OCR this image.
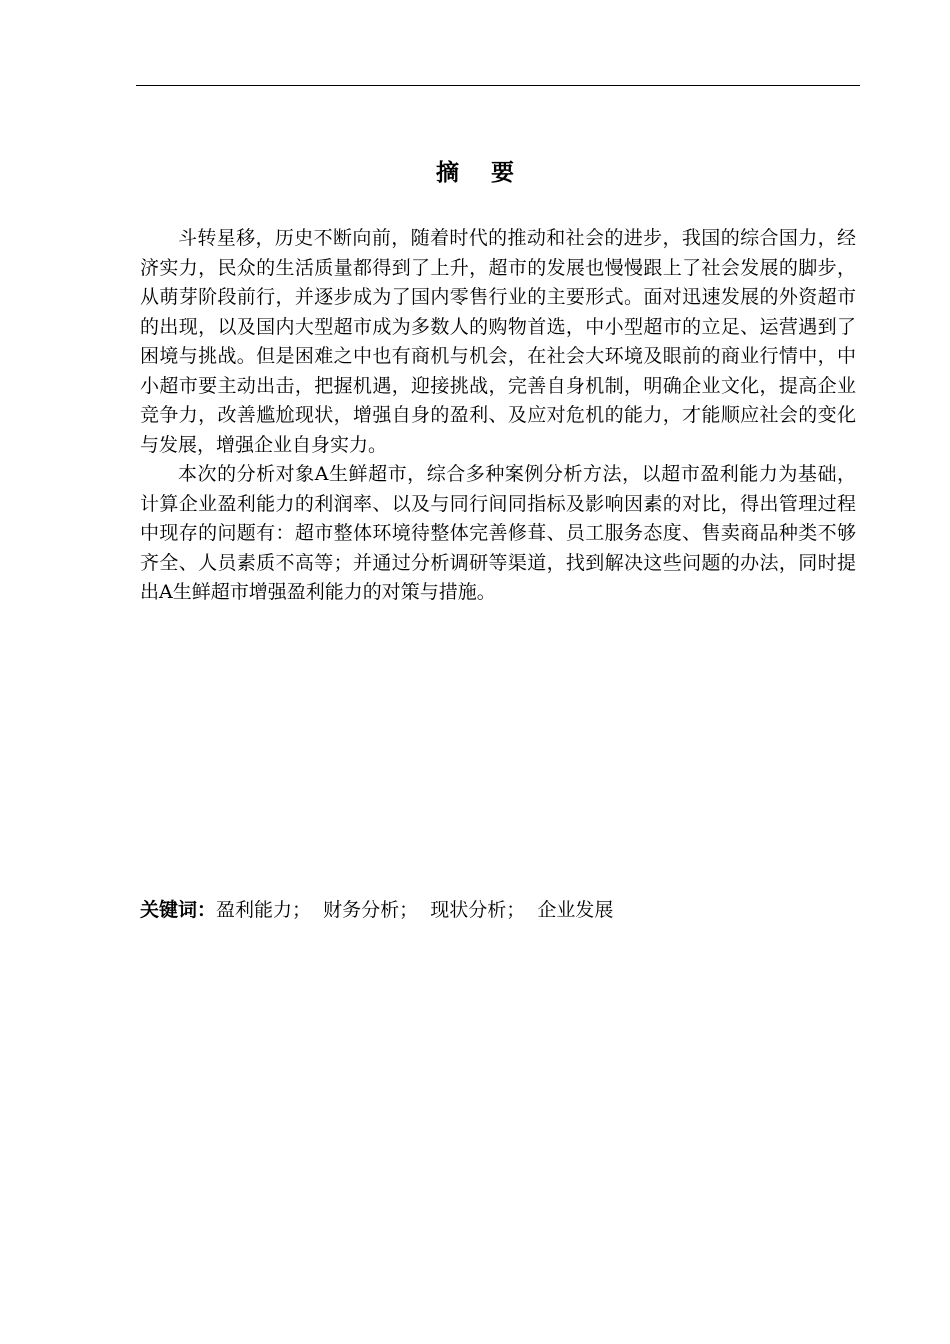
摘    要

斗转星移，历史不断向前，随着时代的推动和社会的进步，我国的综合国力，经济实力，民众的生活质量都得到了上升，超市的发展也慢慢跟上了社会发展的脚步，从萌芽阶段前行，并逐步成为了国内零售行业的主要形式。面对迅速发展的外资超市的出现，以及国内大型超市成为多数人的购物首选，中小型超市的立足、运营遇到了困境与挑战。但是困难之中也有商机与机会，在社会大环境及眼前的商业行情中，中小超市要主动出击，把握机遇，迎接挑战，完善自身机制，明确企业文化，提高企业竞争力，改善尴尬现状，增强自身的盈利、及应对危机的能力，才能顺应社会的变化与发展，增强企业自身实力。

本次的分析对象A生鲜超市，综合多种案例分析方法，以超市盈利能力为基础，计算企业盈利能力的利润率、以及与同行间同指标及影响因素的对比，得出管理过程中现存的问题有：超市整体环境待整体完善修葺、员工服务态度、售卖商品种类不够齐全、人员素质不高等；并通过分析调研等渠道，找到解决这些问题的办法，同时提出A生鲜超市增强盈利能力的对策与措施。

关键词：盈利能力； 财务分析； 现状分析； 企业发展
